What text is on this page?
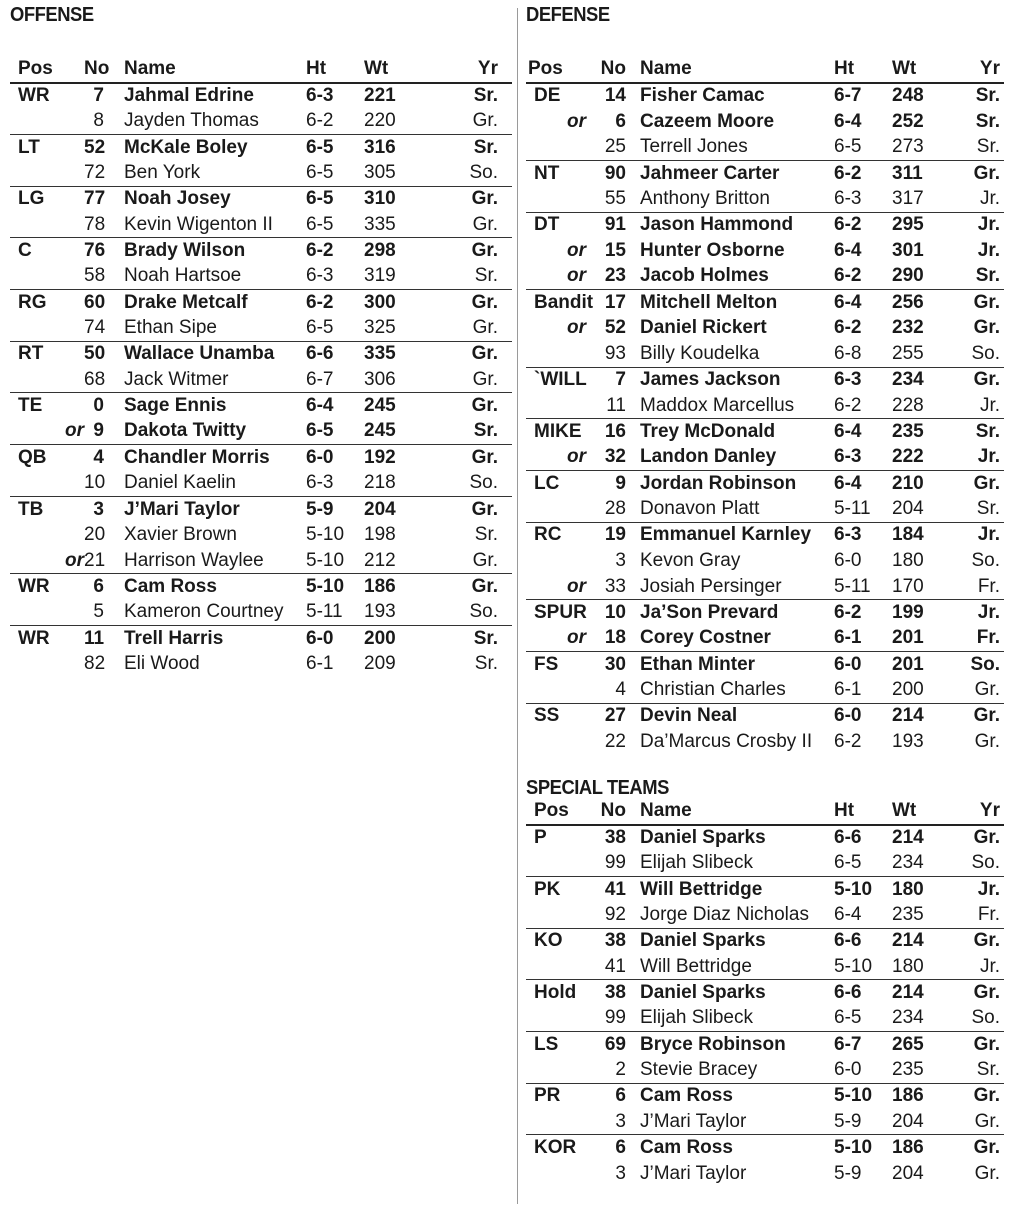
OFFENSE
Pos No		Name	Ht	Wt	Yr
WR	7	Jahmal Edrine	6-3	221	Sr.
	8	Jayden Thomas	6-2	220	Gr.
LT	52	McKale Boley	6-5	316	Sr.
	72	Ben York	6-5	305	So.
LG	77	Noah Josey	6-5	310	Gr.
	78	Kevin Wigenton II	6-5	335	Gr.
C	76	Brady Wilson	6-2	298	Gr.
	58	Noah Hartsoe	6-3	319	Sr.
RG	60	Drake Metcalf	6-2	300	Gr.
	74	Ethan Sipe	6-5	325	Gr.
RT	50	Wallace Unamba	6-6	335	Gr.
	68	Jack Witmer	6-7	306	Gr.
TE	0	Sage Ennis	6-4	245	Gr.
or	9	Dakota Twitty	6-5	245	Sr.
QB	4	Chandler Morris	6-0	192	Gr.
	10	Daniel Kaelin	6-3	218	So.
TB	3	J’Mari Taylor	5-9	204	Gr.
	20	Xavier Brown	5-10	198	Sr.
or	21	Harrison Waylee	5-10	212	Gr.
WR	6	Cam Ross	5-10	186	Gr.
	5	Kameron Courtney	5-11	193	So.
WR	11	Trell Harris	6-0	200	Sr.
	82	Eli Wood	6-1	209	Sr.
DEFENSE
Pos No		Name	Ht	Wt	Yr
DE	14	Fisher Camac	6-7	248	Sr.
or	6	Cazeem Moore	6-4	252	Sr.
	25	Terrell Jones	6-5	273	Sr.
NT	90	Jahmeer Carter	6-2	311	Gr.
	55	Anthony Britton	6-3	317	Jr.
DT	91	Jason Hammond	6-2	295	Jr.
or	15	Hunter Osborne	6-4	301	Jr.
or	23	Jacob Holmes	6-2	290	Sr.
Bandit	17	Mitchell Melton	6-4	256	Gr.
or	52	Daniel Rickert	6-2	232	Gr.
	93	Billy Koudelka	6-8	255	So.
`WILL	7	James Jackson	6-3	234	Gr.
	11	Maddox Marcellus	6-2	228	Jr.
MIKE	16	Trey McDonald	6-4	235	Sr.
or	32	Landon Danley	6-3	222	Jr.
LC	9	Jordan Robinson	6-4	210	Gr.
	28	Donavon Platt	5-11	204	Sr.
RC	19	Emmanuel Karnley	6-3	184	Jr.
	3	Kevon Gray	6-0	180	So.
or	33	Josiah Persinger	5-11	170	Fr.
SPUR	10	Ja’Son Prevard	6-2	199	Jr.
or	18	Corey Costner	6-1	201	Fr.
FS	30	Ethan Minter	6-0	201	So.
	4	Christian Charles	6-1	200	Gr.
SS	27	Devin Neal	6-0	214	Gr.
	22	Da’Marcus Crosby II	6-2	193	Gr.
SPECIAL TEAMS
Pos No		Name	Ht	Wt	Yr
P	38	Daniel Sparks	6-6	214	Gr.
	99	Elijah Slibeck	6-5	234	So.
PK	41	Will Bettridge	5-10	180	Jr.
	92	Jorge Diaz Nicholas	6-4	235	Fr.
KO	38	Daniel Sparks	6-6	214	Gr.
	41	Will Bettridge	5-10	180	Jr.
Hold	38	Daniel Sparks	6-6	214	Gr.
	99	Elijah Slibeck	6-5	234	So.
LS	69	Bryce Robinson	6-7	265	Gr.
	2	Stevie Bracey	6-0	235	Sr.
PR	6	Cam Ross	5-10	186	Gr.
	3	J’Mari Taylor	5-9	204	Gr.
KOR	6	Cam Ross	5-10	186	Gr.
	3	J’Mari Taylor	5-9	204	Gr.
